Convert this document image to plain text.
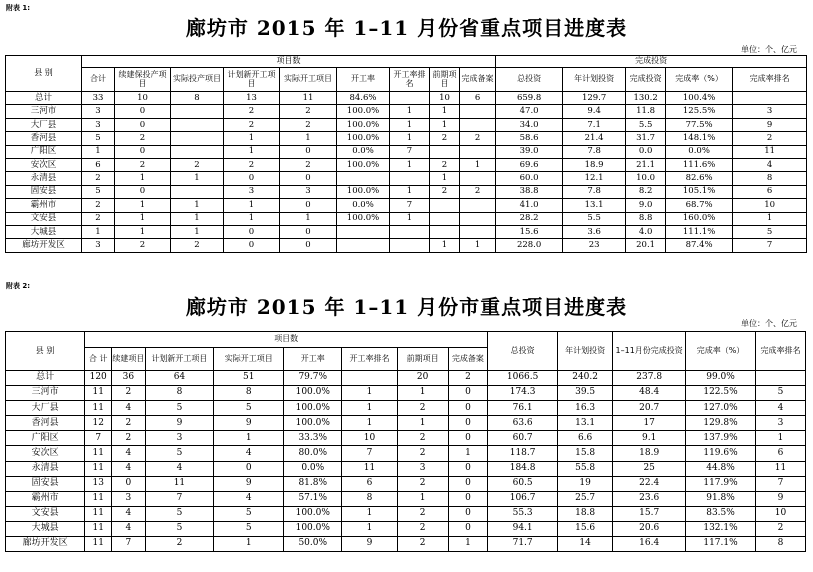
附表 1:
廊坊市 2015 年 1–11 月份省重点项目进度表
单位：个、亿元
县 别	项目数									完成投资				
	合计	续建保投产项目	实际投产项目	计划新开工项目	实际开工项目	开工率	开工率排名	前期项目	完成备案	总投资	年计划投资	完成投资	完成率（%）	完成率排名
总计	33	10	8	13	11	84.6%		10	6	659.8	129.7	130.2	100.4%	
三河市	3	0		2	2	100.0%	1	1		47.0	9.4	11.8	125.5%	3
大厂县	3	0		2	2	100.0%	1	1		34.0	7.1	5.5	77.5%	9
香河县	5	2		1	1	100.0%	1	2	2	58.6	21.4	31.7	148.1%	2
广阳区	1	0		1	0	0.0%	7			39.0	7.8	0.0	0.0%	11
安次区	6	2	2	2	2	100.0%	1	2	1	69.6	18.9	21.1	111.6%	4
永清县	2	1	1	0	0			1		60.0	12.1	10.0	82.6%	8
固安县	5	0		3	3	100.0%	1	2	2	38.8	7.8	8.2	105.1%	6
霸州市	2	1	1	1	0	0.0%	7			41.0	13.1	9.0	68.7%	10
文安县	2	1	1	1	1	100.0%	1			28.2	5.5	8.8	160.0%	1
大城县	1	1	1	0	0					15.6	3.6	4.0	111.1%	5
廊坊开发区	3	2	2	0	0			1	1	228.0	23	20.1	87.4%	7
附表 2:
廊坊市 2015 年 1–11 月份市重点项目进度表
单位：个、亿元
县 别	项目数								总投资	年计划投资	1–11月份完成投资	完成率（%）	完成率排名
	合 计	续建项目	计划新开工项目	实际开工项目	开工率	开工率排名	前期项目	完成备案					
总计	120	36	64	51	79.7%		20	2	1066.5	240.2	237.8	99.0%	
三河市	11	2	8	8	100.0%	1	1	0	174.3	39.5	48.4	122.5%	5
大厂县	11	4	5	5	100.0%	1	2	0	76.1	16.3	20.7	127.0%	4
香河县	12	2	9	9	100.0%	1	1	0	63.6	13.1	17	129.8%	3
广阳区	7	2	3	1	33.3%	10	2	0	60.7	6.6	9.1	137.9%	1
安次区	11	4	5	4	80.0%	7	2	1	118.7	15.8	18.9	119.6%	6
永清县	11	4	4	0	0.0%	11	3	0	184.8	55.8	25	44.8%	11
固安县	13	0	11	9	81.8%	6	2	0	60.5	19	22.4	117.9%	7
霸州市	11	3	7	4	57.1%	8	1	0	106.7	25.7	23.6	91.8%	9
文安县	11	4	5	5	100.0%	1	2	0	55.3	18.8	15.7	83.5%	10
大城县	11	4	5	5	100.0%	1	2	0	94.1	15.6	20.6	132.1%	2
廊坊开发区	11	7	2	1	50.0%	9	2	1	71.7	14	16.4	117.1%	8
